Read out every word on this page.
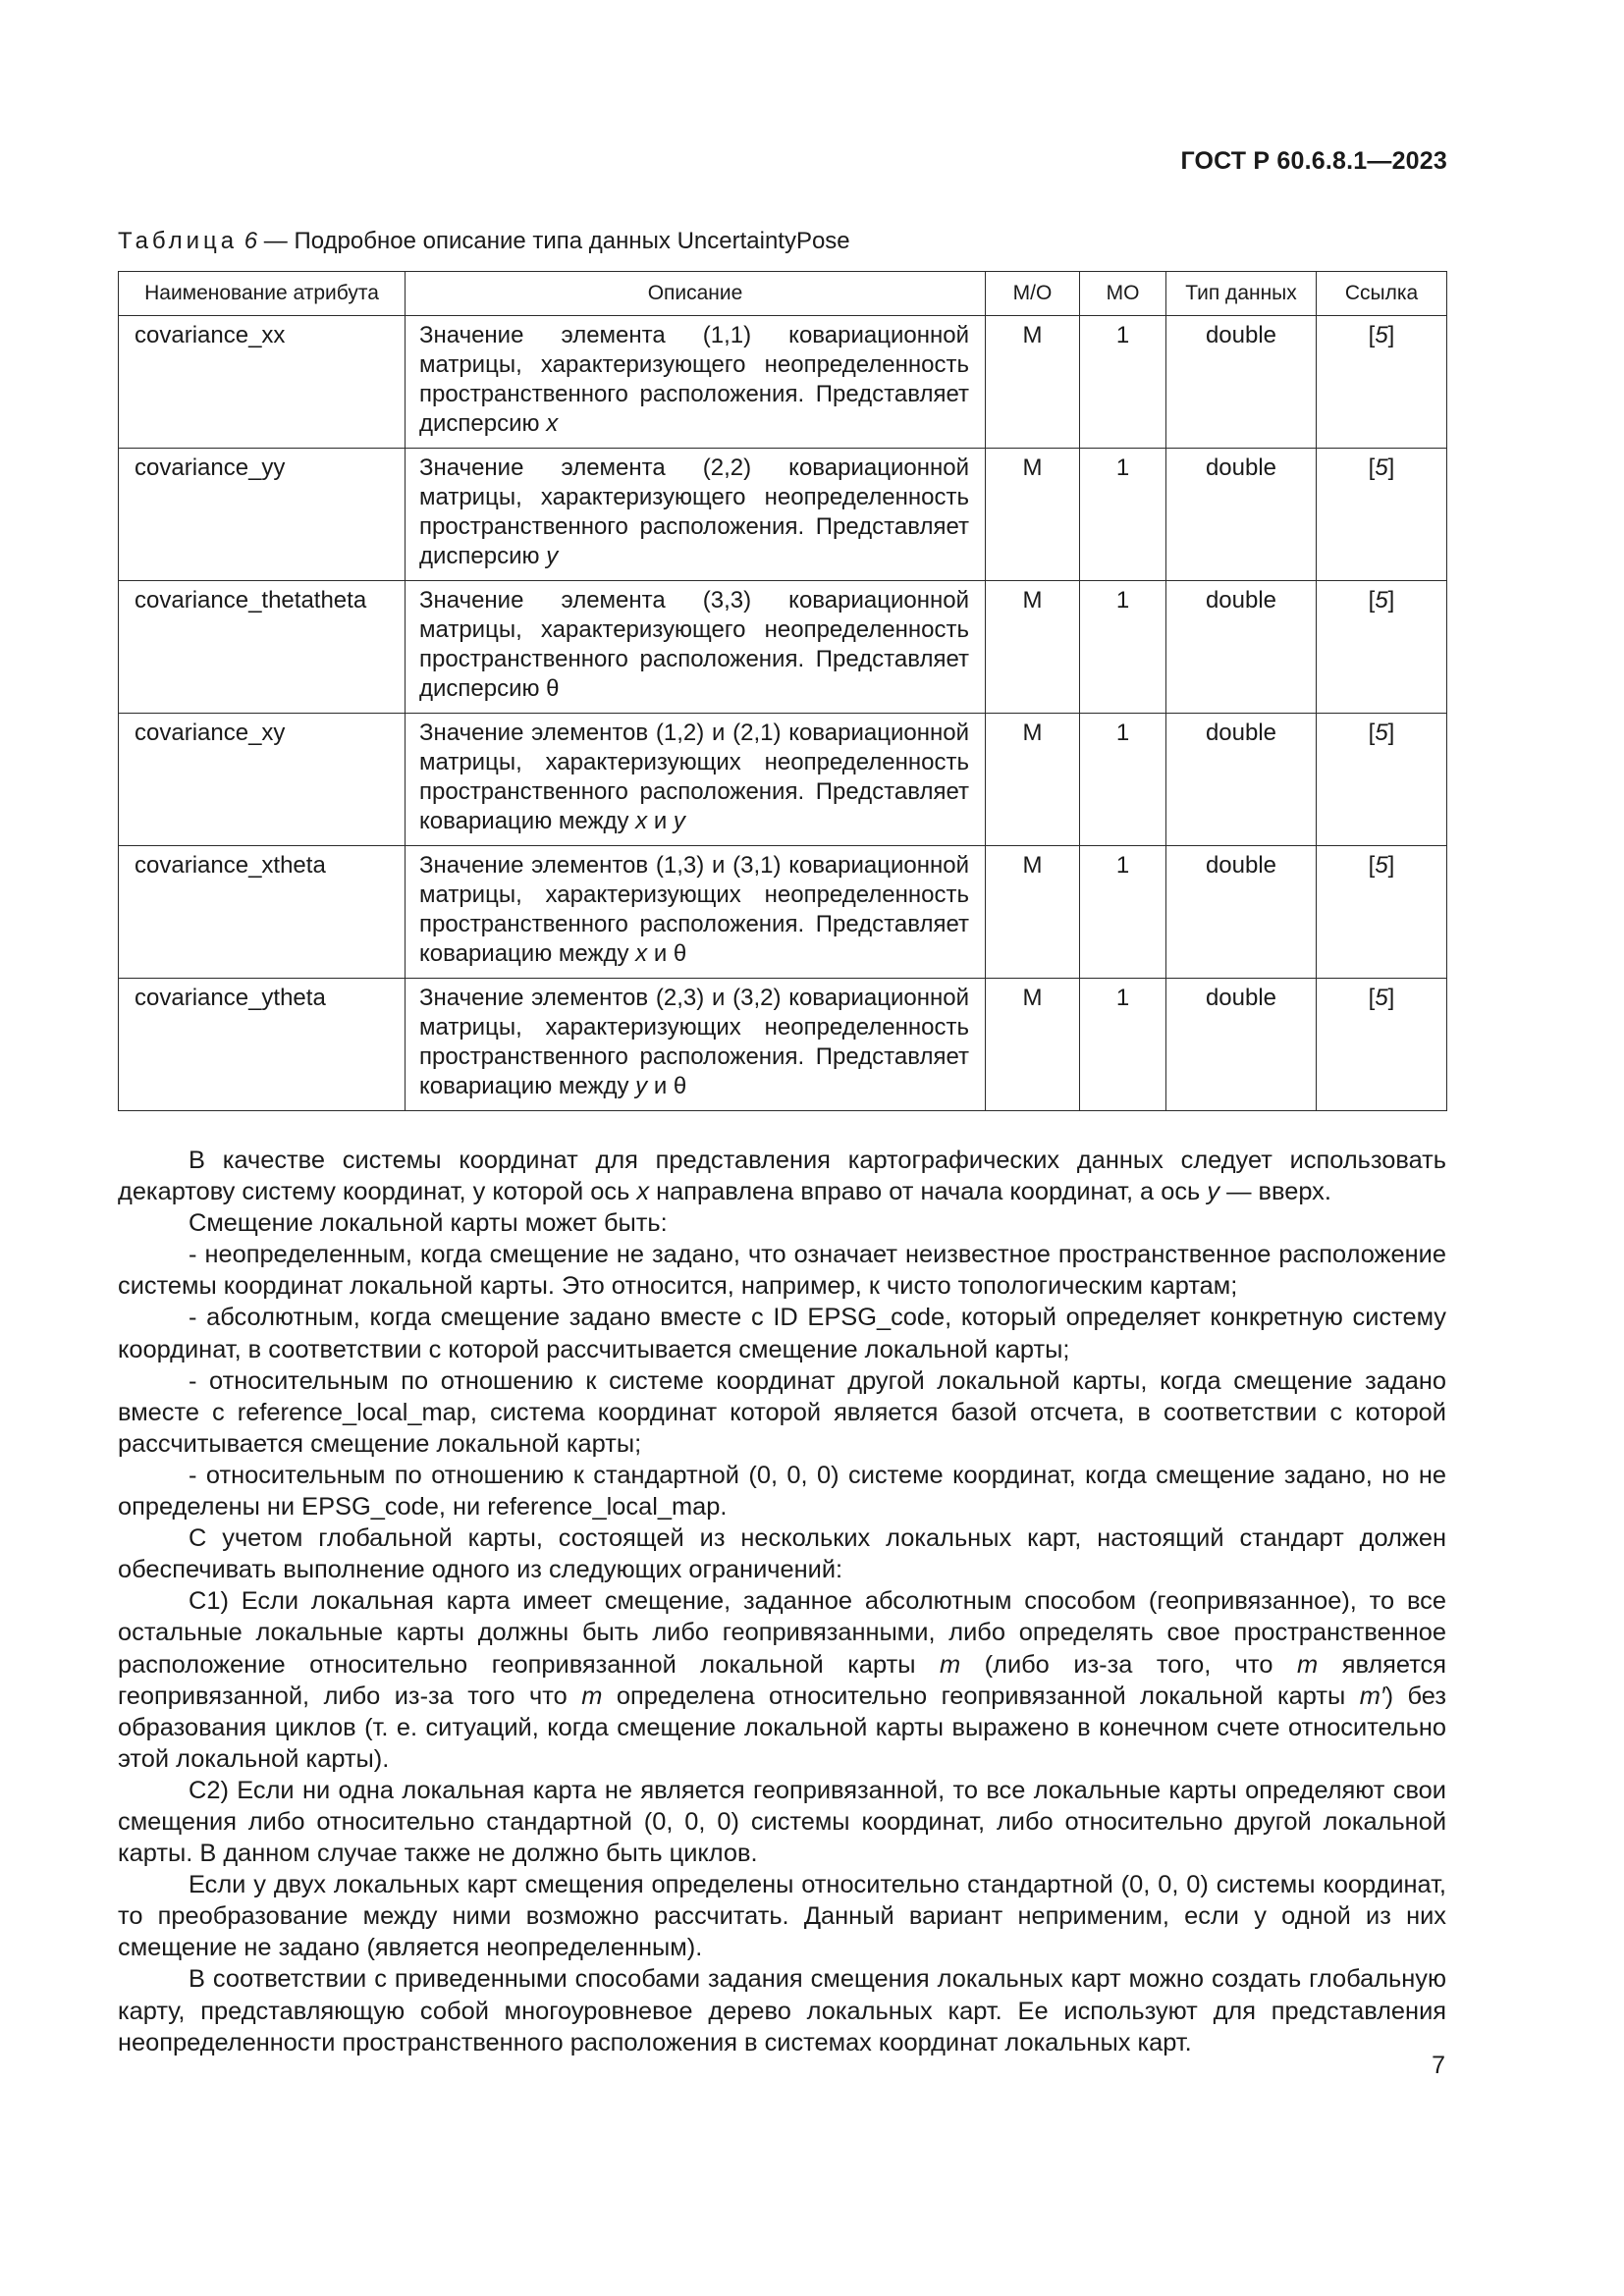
ГОСТ Р 60.6.8.1—2023
Таблица 6 — Подробное описание типа данных UncertaintyPose
Наименование атрибута	Описание	М/О	МО	Тип данных	Ссылка
covariance_xx	Значение элемента (1,1) ковариационной матрицы, характеризующего неопределенность пространственного расположения. Представляет дисперсию x	M	1	double	[5]
covariance_yy	Значение элемента (2,2) ковариационной матрицы, характеризующего неопределенность пространственного расположения. Представляет дисперсию y	M	1	double	[5]
covariance_thetatheta	Значение элемента (3,3) ковариационной матрицы, характеризующего неопределенность пространственного расположения. Представляет дисперсию θ	M	1	double	[5]
covariance_xy	Значение элементов (1,2) и (2,1) ковариационной матрицы, характеризующих неопределенность пространственного расположения. Представляет ковариацию между x и y	M	1	double	[5]
covariance_xtheta	Значение элементов (1,3) и (3,1) ковариационной матрицы, характеризующих неопределенность пространственного расположения. Представляет ковариацию между x и θ	M	1	double	[5]
covariance_ytheta	Значение элементов (2,3) и (3,2) ковариационной матрицы, характеризующих неопределенность пространственного расположения. Представляет ковариацию между y и θ	M	1	double	[5]

В качестве системы координат для представления картографических данных следует использовать декартову систему координат, у которой ось x направлена вправо от начала координат, а ось y — вверх.

Смещение локальной карты может быть:

- неопределенным, когда смещение не задано, что означает неизвестное пространственное расположение системы координат локальной карты. Это относится, например, к чисто топологическим картам;

- абсолютным, когда смещение задано вместе с ID EPSG_code, который определяет конкретную систему координат, в соответствии с которой рассчитывается смещение локальной карты;

- относительным по отношению к системе координат другой локальной карты, когда смещение задано вместе с reference_local_map, система координат которой является базой отсчета, в соответствии с которой рассчитывается смещение локальной карты;

- относительным по отношению к стандартной (0, 0, 0) системе координат, когда смещение задано, но не определены ни EPSG_code, ни reference_local_map.

С учетом глобальной карты, состоящей из нескольких локальных карт, настоящий стандарт должен обеспечивать выполнение одного из следующих ограничений:

С1) Если локальная карта имеет смещение, заданное абсолютным способом (геопривязанное), то все остальные локальные карты должны быть либо геопривязанными, либо определять свое пространственное расположение относительно геопривязанной локальной карты m (либо из-за того, что m является геопривязанной, либо из-за того что m определена относительно геопривязанной локальной карты m′) без образования циклов (т. е. ситуаций, когда смещение локальной карты выражено в конечном счете относительно этой локальной карты).

С2) Если ни одна локальная карта не является геопривязанной, то все локальные карты определяют свои смещения либо относительно стандартной (0, 0, 0) системы координат, либо относительно другой локальной карты. В данном случае также не должно быть циклов.

Если у двух локальных карт смещения определены относительно стандартной (0, 0, 0) системы координат, то преобразование между ними возможно рассчитать. Данный вариант неприменим, если у одной из них смещение не задано (является неопределенным).

В соответствии с приведенными способами задания смещения локальных карт можно создать глобальную карту, представляющую собой многоуровневое дерево локальных карт. Ее используют для представления неопределенности пространственного расположения в системах координат локальных карт.

7
